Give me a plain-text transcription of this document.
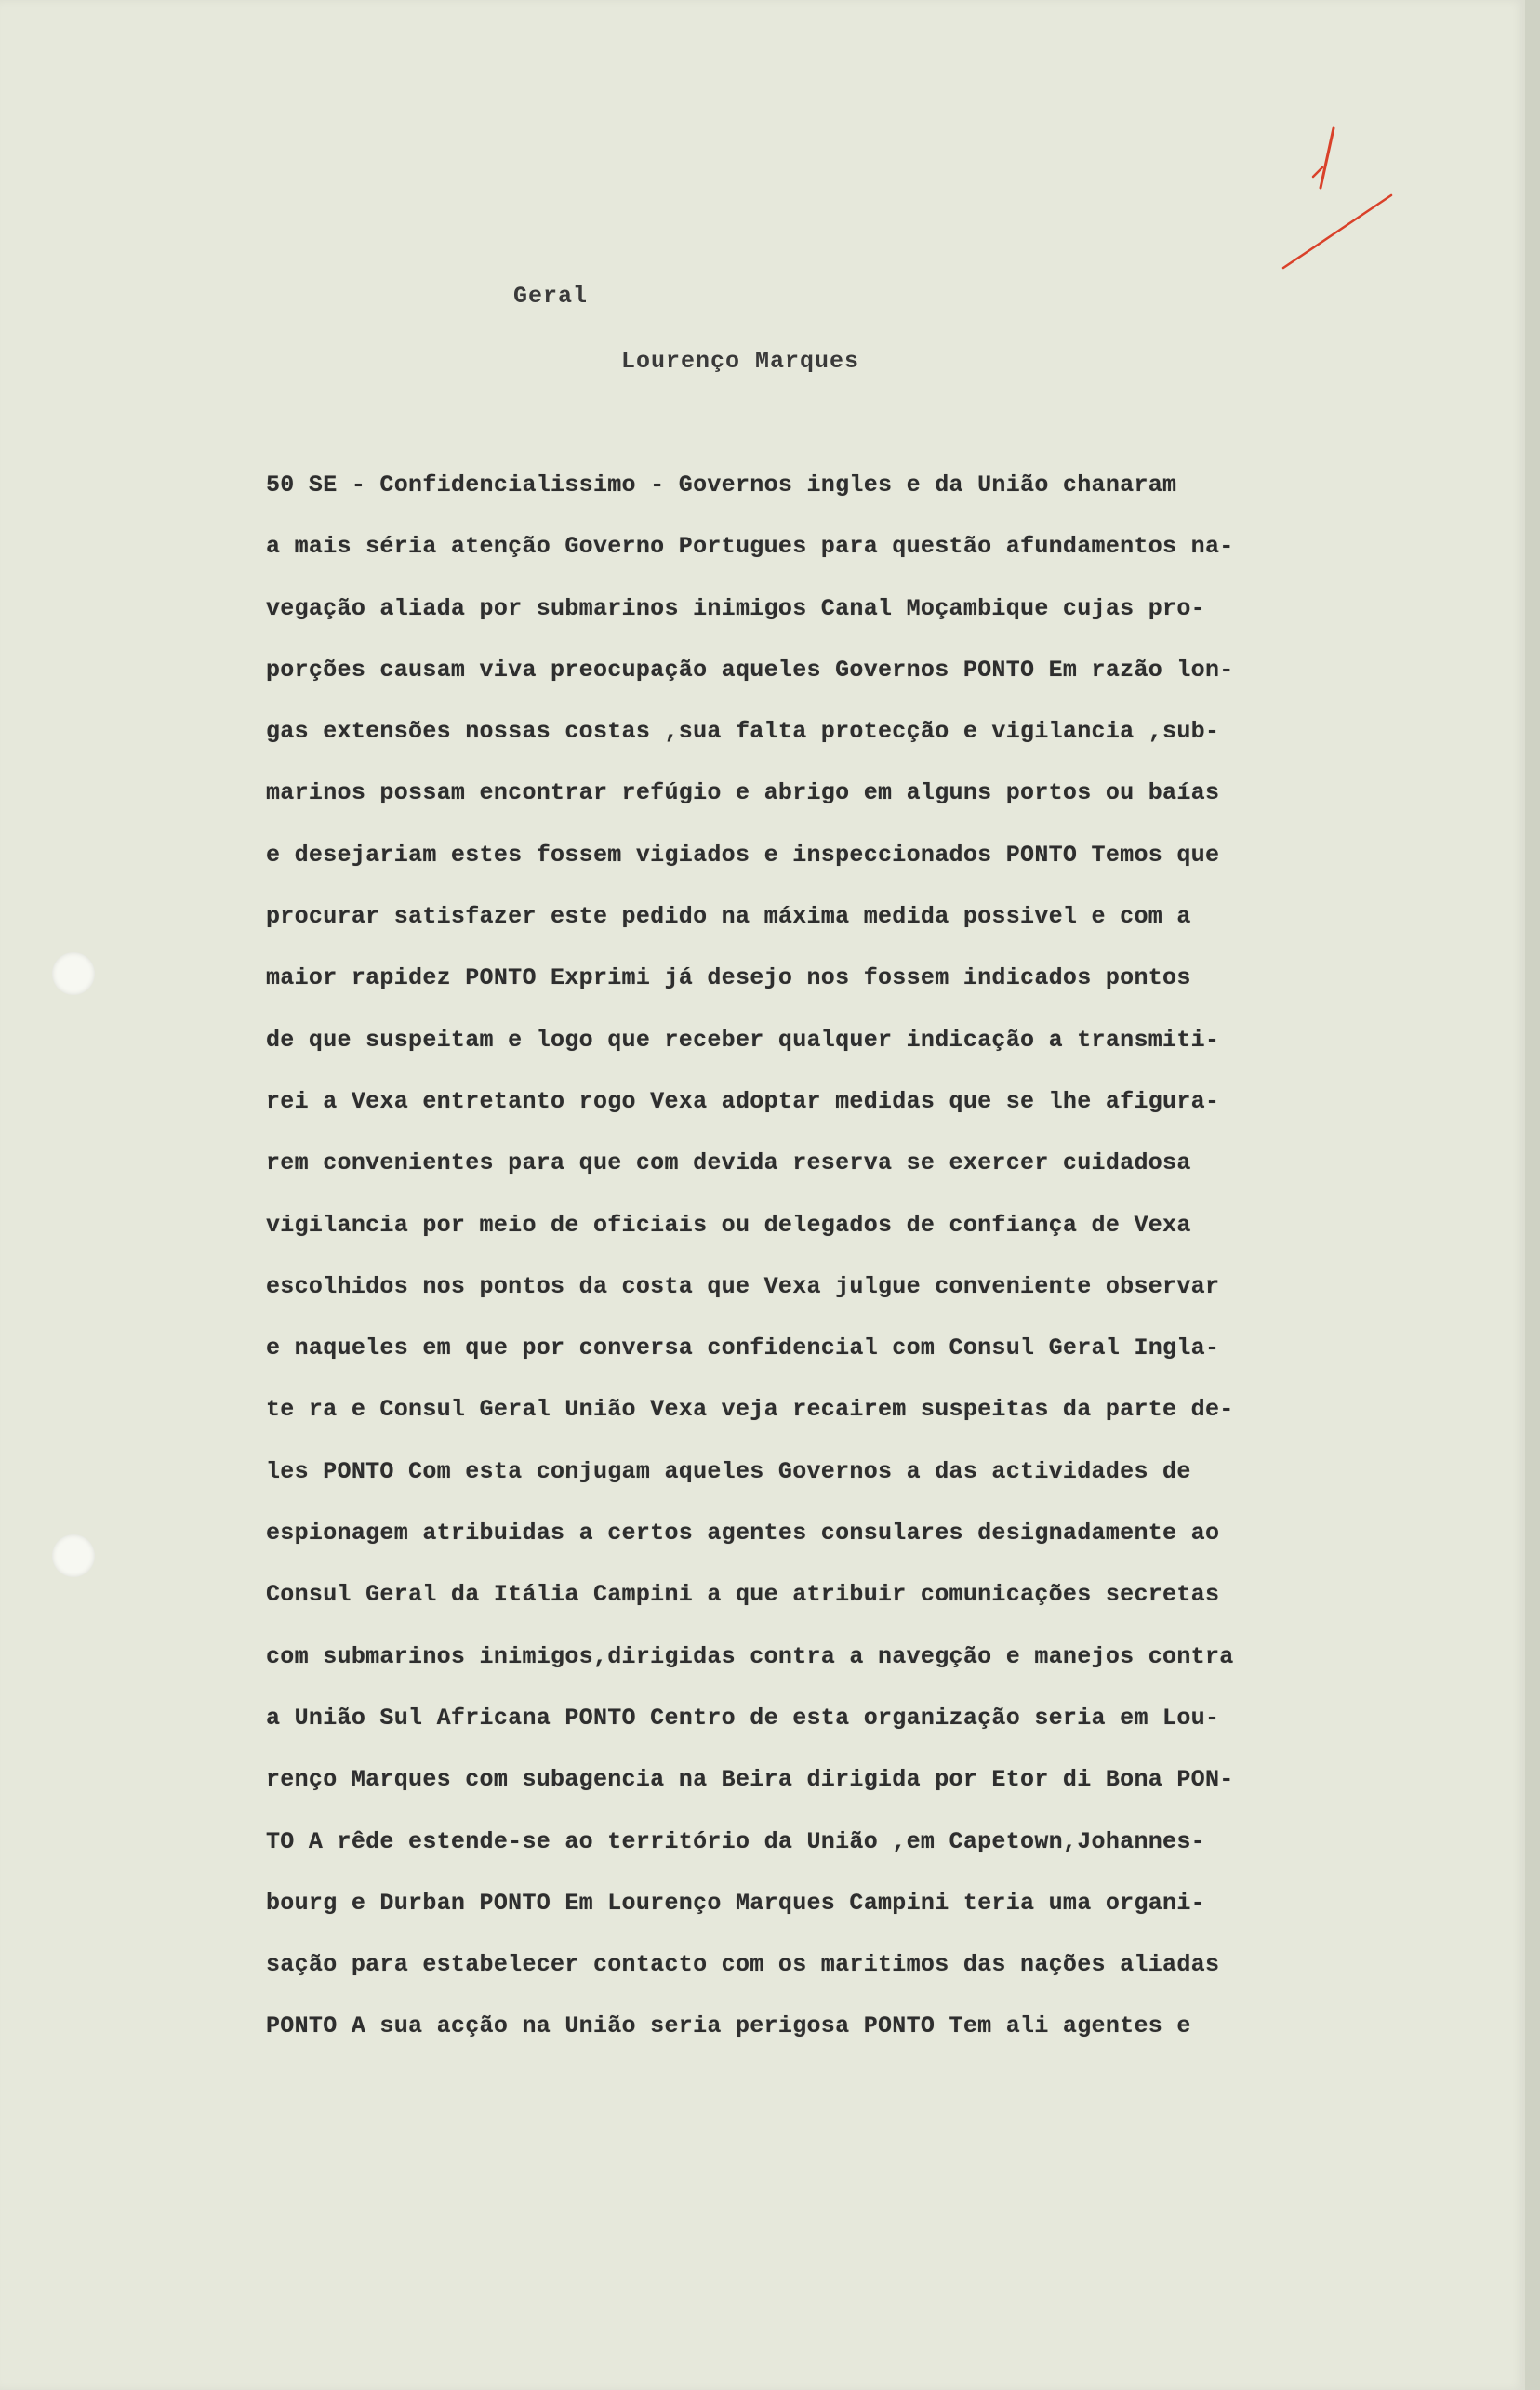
Geral
Lourenço Marques
50 SE - Confidencialissimo - Governos ingles e da União chanaram
a mais séria atenção Governo Portugues para questão afundamentos na-
vegação aliada por submarinos inimigos Canal Moçambique cujas pro-
porções causam viva preocupação aqueles Governos PONTO Em razão lon-
gas extensões nossas costas ,sua falta protecção e vigilancia ,sub-
marinos possam encontrar refúgio e abrigo em alguns portos ou baías
e desejariam estes fossem vigiados e inspeccionados PONTO Temos que
procurar satisfazer este pedido na máxima medida possivel e com a
maior rapidez PONTO Exprimi já desejo nos fossem indicados pontos
de que suspeitam e logo que receber qualquer indicação a transmiti-
rei a Vexa entretanto rogo Vexa adoptar medidas que se lhe afigura-
rem convenientes para que com devida reserva se exercer cuidadosa
vigilancia por meio de oficiais ou delegados de confiança de Vexa
escolhidos nos pontos da costa que Vexa julgue conveniente observar
e naqueles em que por conversa confidencial com Consul Geral Ingla-
te ra e Consul Geral União Vexa veja recairem suspeitas da parte de-
les PONTO Com esta conjugam aqueles Governos a das actividades de
espionagem atribuidas a certos agentes consulares designadamente ao
Consul Geral da Itália Campini a que atribuir comunicações secretas
com submarinos inimigos,dirigidas contra a navegção e manejos contra
a União Sul Africana PONTO Centro de esta organização seria em Lou-
renço Marques com subagencia na Beira dirigida por Etor di Bona PON-
TO A rêde estende-se ao território da União ,em Capetown,Johannes-
bourg e Durban PONTO Em Lourenço Marques Campini teria uma organi-
sação para estabelecer contacto com os maritimos das nações aliadas
PONTO A sua acção na União seria perigosa PONTO Tem ali agentes e
